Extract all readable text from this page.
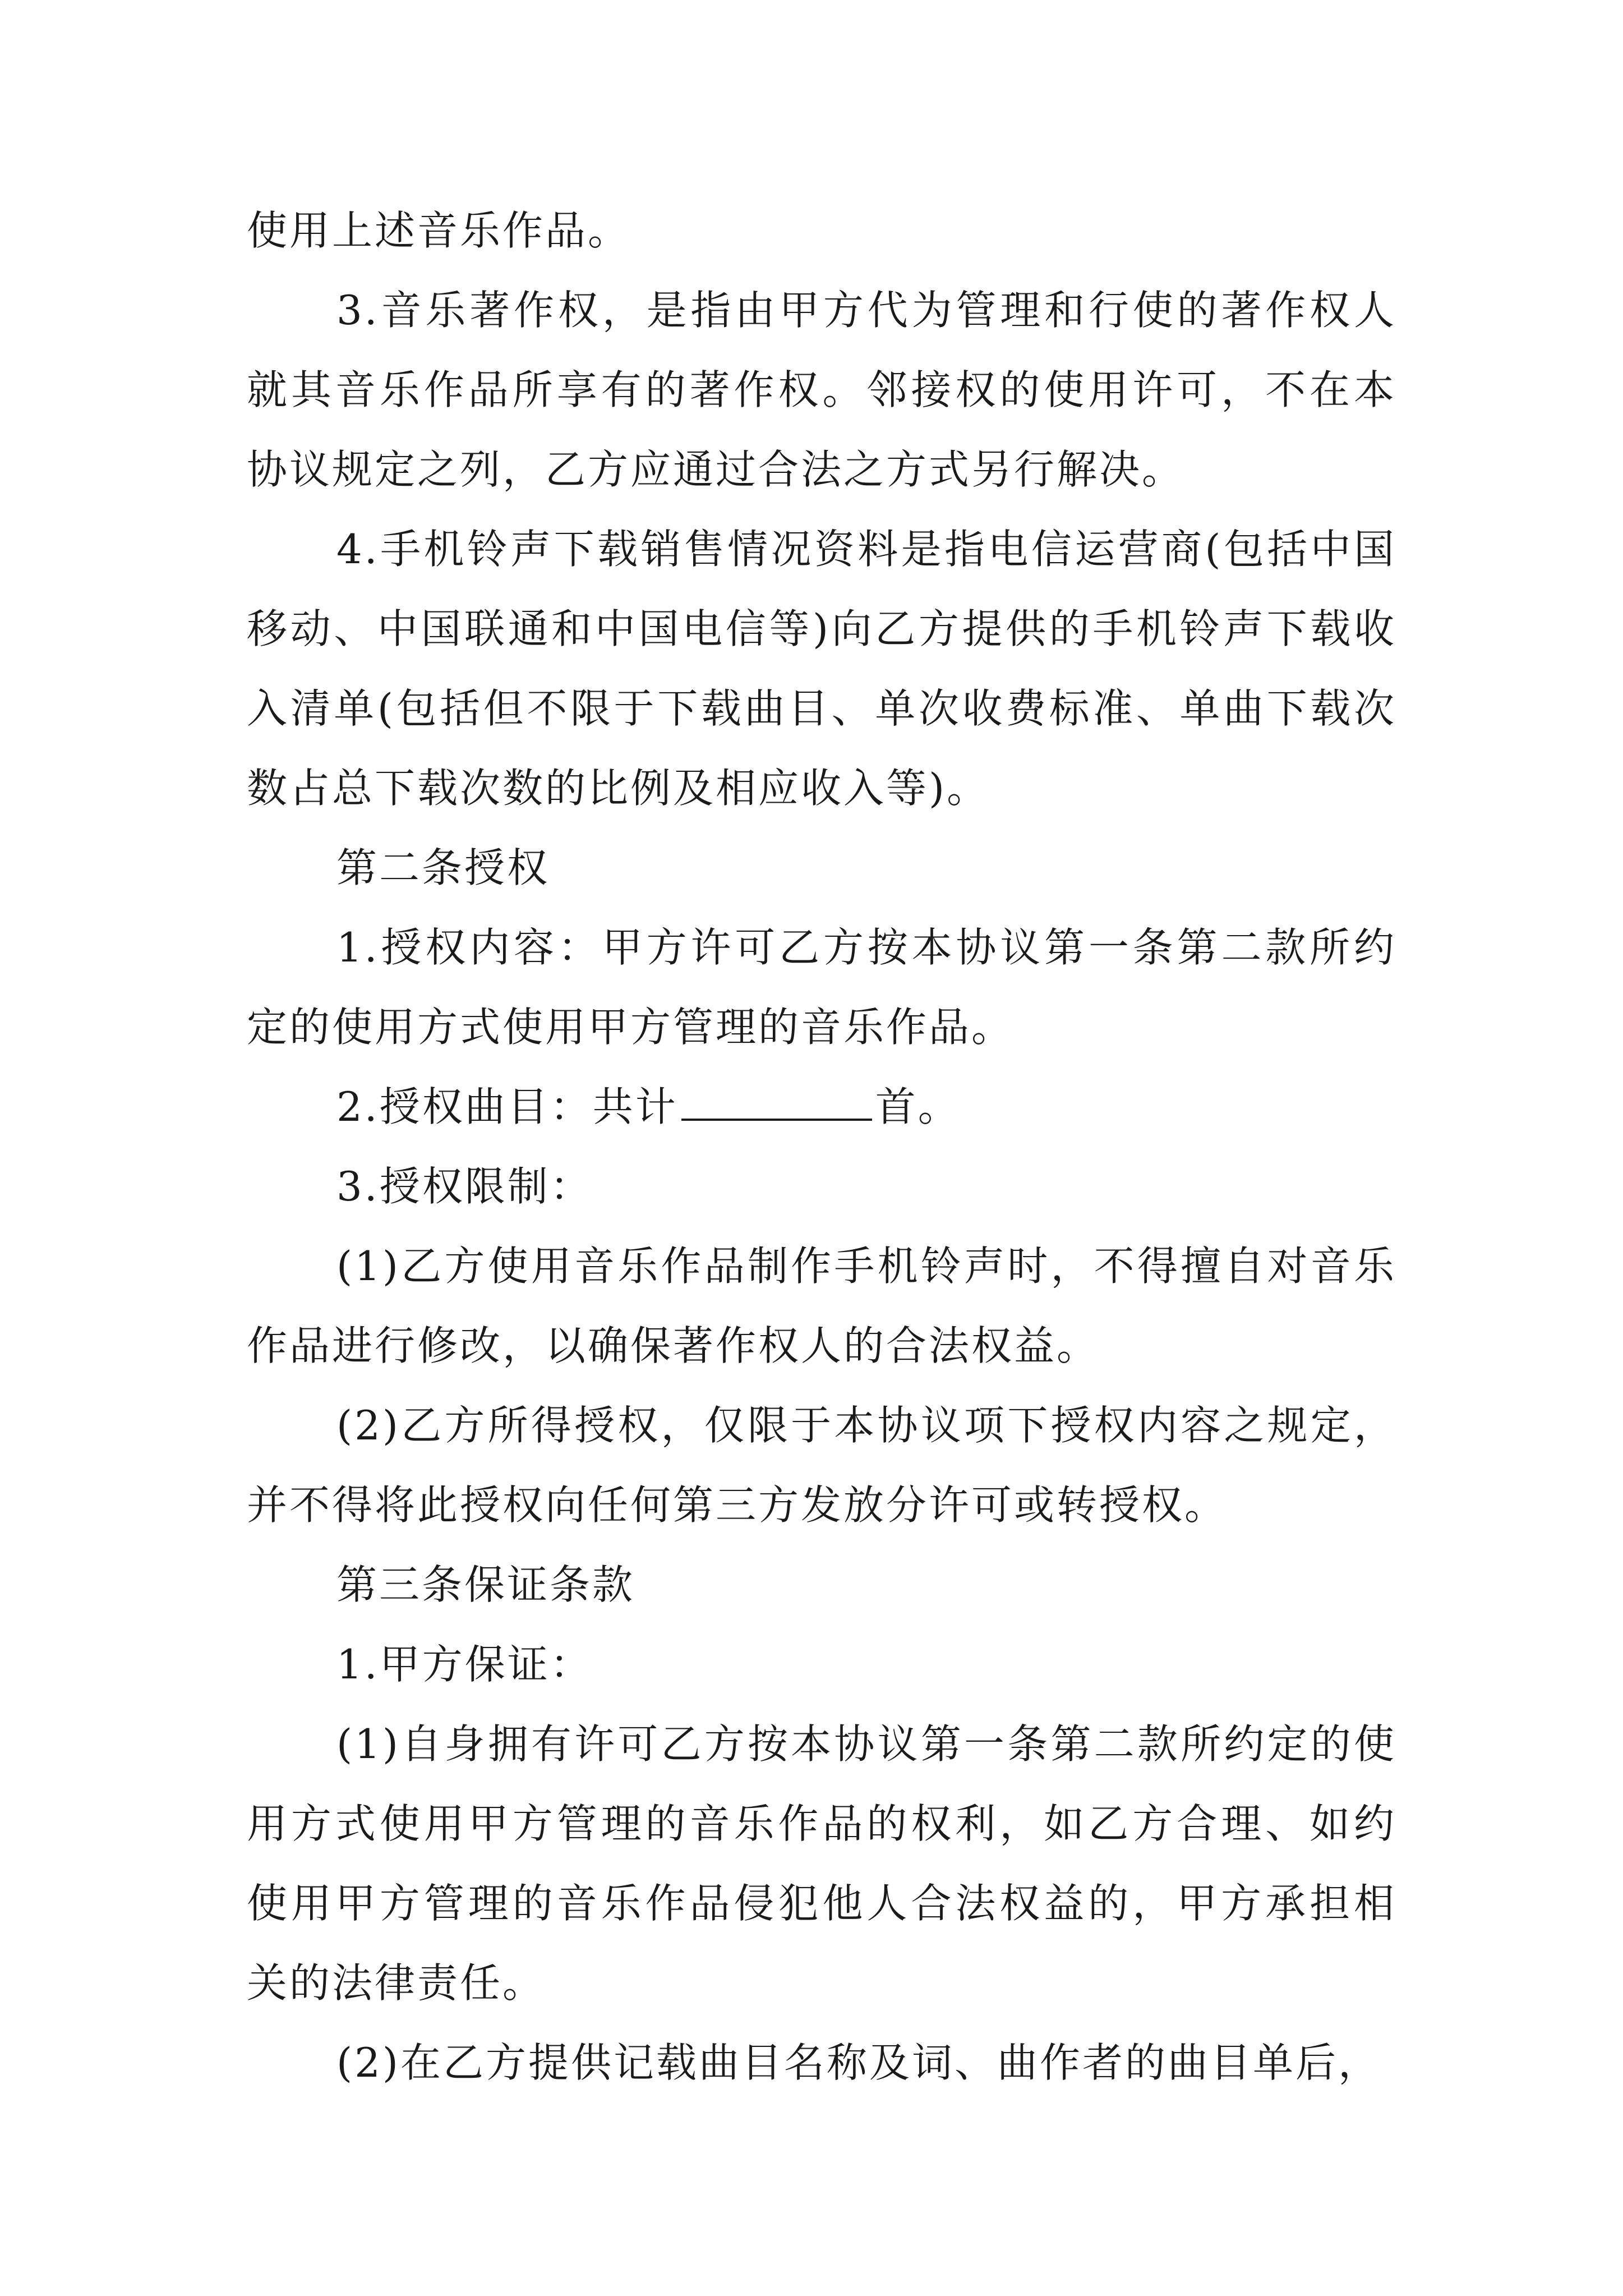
使用上述音乐作品。

3.音乐著作权，是指由甲方代为管理和行使的著作权人就其音乐作品所享有的著作权。邻接权的使用许可，不在本协议规定之列，乙方应通过合法之方式另行解决。

4.手机铃声下载销售情况资料是指电信运营商(包括中国移动、中国联通和中国电信等)向乙方提供的手机铃声下载收入清单(包括但不限于下载曲目、单次收费标准、单曲下载次数占总下载次数的比例及相应收入等)。

第二条授权

1.授权内容：甲方许可乙方按本协议第一条第二款所约定的使用方式使用甲方管理的音乐作品。

2.授权曲目：共计	首。

3.授权限制：

(1)乙方使用音乐作品制作手机铃声时，不得擅自对音乐作品进行修改，以确保著作权人的合法权益。

(2)乙方所得授权，仅限于本协议项下授权内容之规定，并不得将此授权向任何第三方发放分许可或转授权。

第三条保证条款

1.甲方保证：

(1)自身拥有许可乙方按本协议第一条第二款所约定的使用方式使用甲方管理的音乐作品的权利，如乙方合理、如约使用甲方管理的音乐作品侵犯他人合法权益的，甲方承担相关的法律责任。

(2)在乙方提供记载曲目名称及词、曲作者的曲目单后，
